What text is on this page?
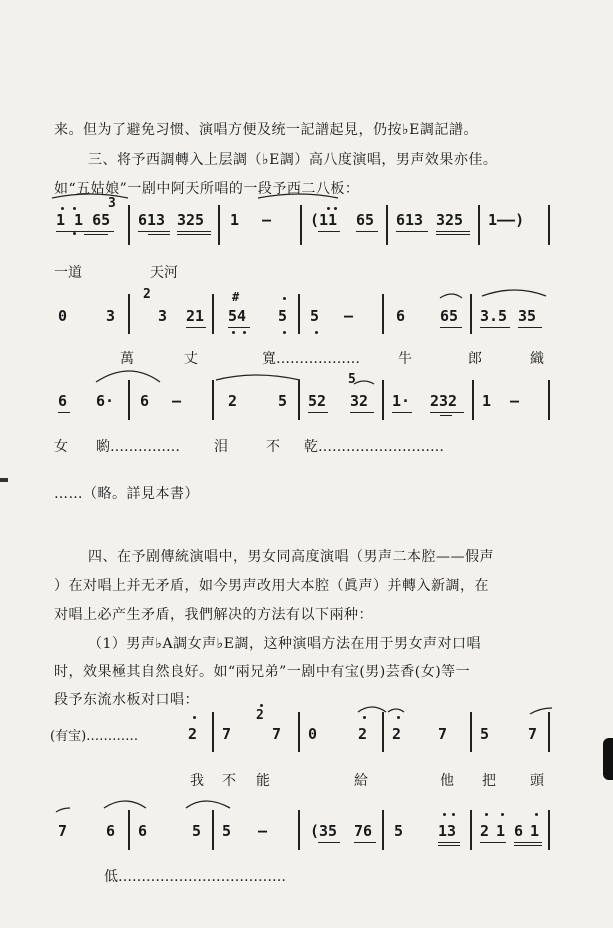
来。但为了避免习惯、演唱方便及统一記譜起見，仍按♭E調記譜。
三、将予西調轉入上层調（♭E調）高八度演唱，男声效果亦佳。
如“五姑娘”一剧中阿天所唱的一段予西二八板：
1 1 65
3
613 325 1 —	(11 65 613 325 1——)
一道	天河
0	3
2
3 21
#
54 5 5 —	6 65 3.5 35
萬	丈	寬………………	牛	郎	織
6 6· 6 —	2	5 52
5
32 1· 232 1 —
女 喲…………… 泪	不 乾………………………
……（略。詳見本書）
四、在予剧傳統演唱中，男女同高度演唱（男声二本腔——假声
）在对唱上并无矛盾，如今男声改用大本腔（眞声）并轉入新調，在
对唱上必产生矛盾，我們解决的方法有以下兩种：
（1）男声♭A調女声♭E調，这种演唱方法在用于男女声对口唱
时，效果極其自然良好。如“兩兄弟”一剧中有宝(男)芸香(女)等一
段予东流水板对口唱：
(有宝)…………	2 7
2
7 0	2 2 7 5	7
我 不 能	給	他 把 頭
7	6 6	5 5 —	(35 76 5 13 2 1 6 1
低………………………………
